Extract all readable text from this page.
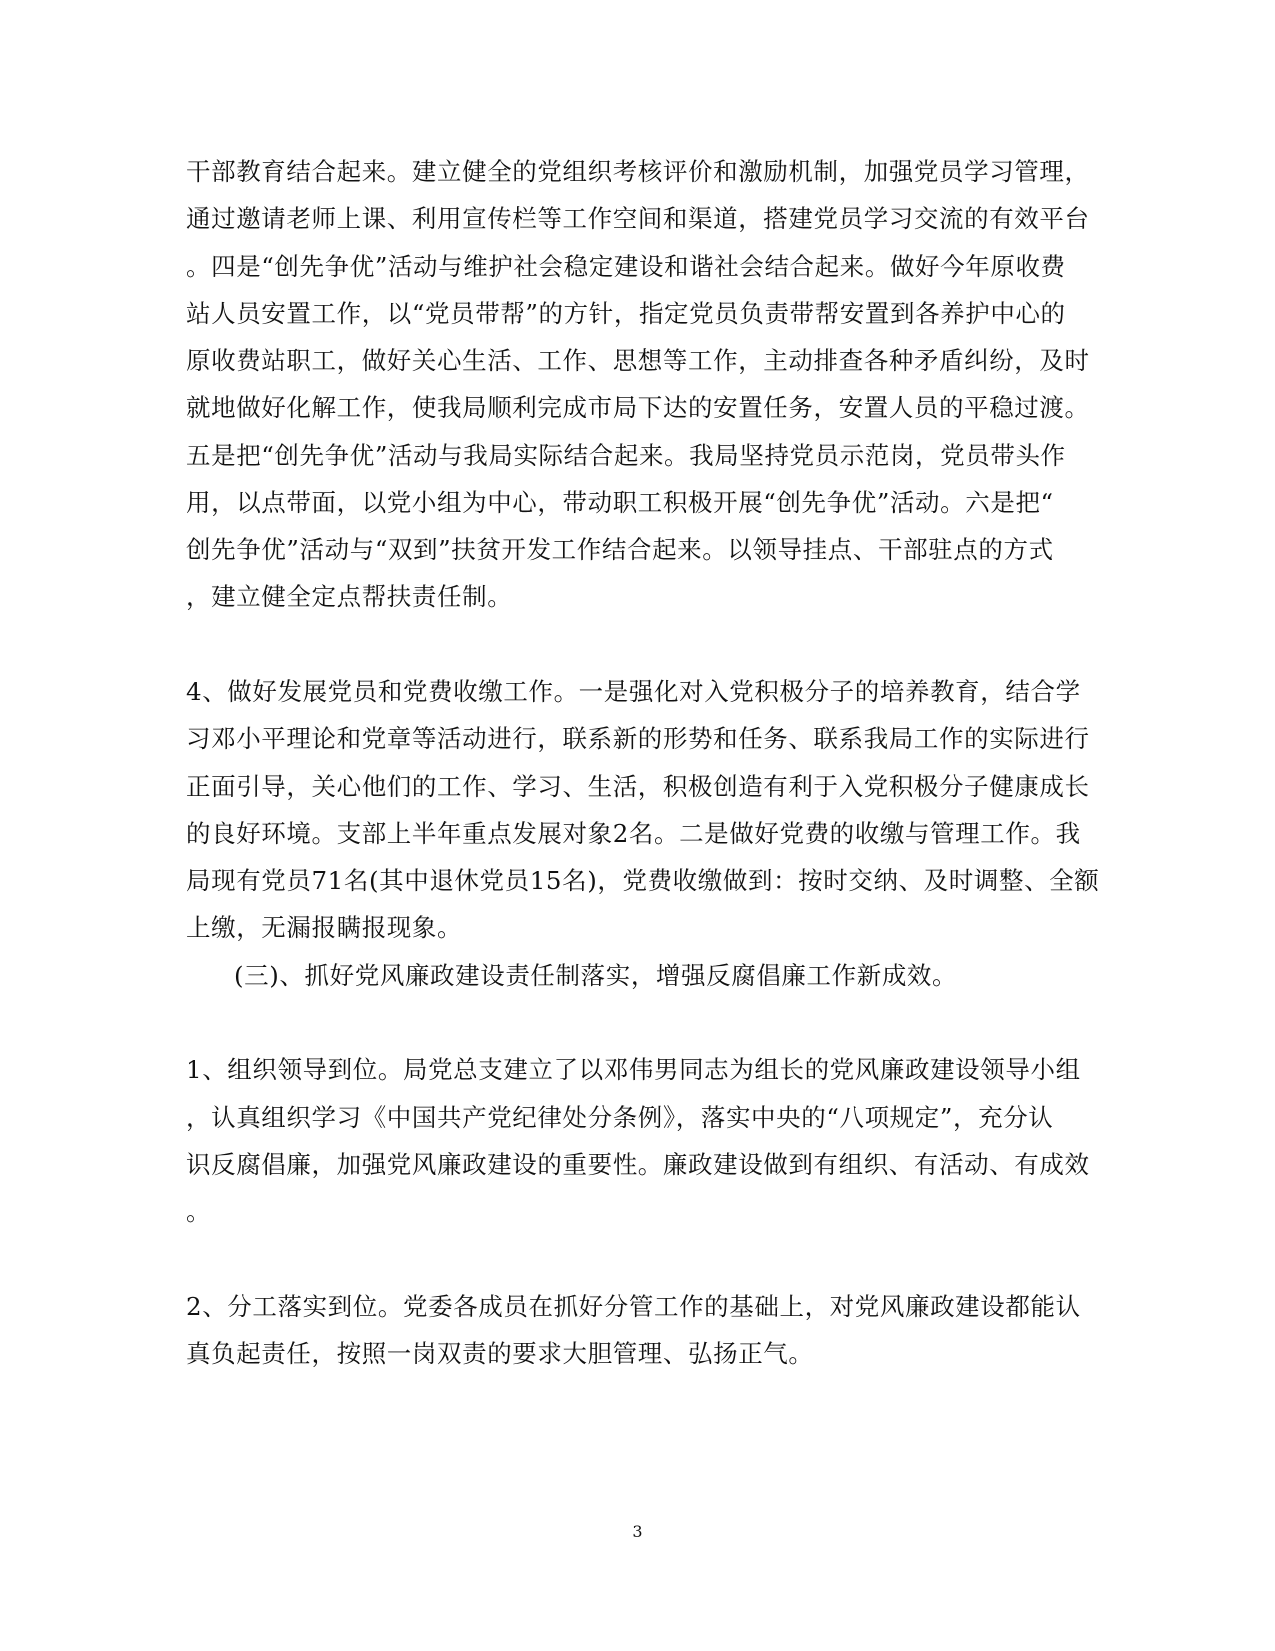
干部教育结合起来。建立健全的党组织考核评价和激励机制，加强党员学习管理，
通过邀请老师上课、利用宣传栏等工作空间和渠道，搭建党员学习交流的有效平台
。四是“创先争优”活动与维护社会稳定建设和谐社会结合起来。做好今年原收费
站人员安置工作，以“党员带帮”的方针，指定党员负责带帮安置到各养护中心的
原收费站职工，做好关心生活、工作、思想等工作，主动排查各种矛盾纠纷，及时
就地做好化解工作，使我局顺利完成市局下达的安置任务，安置人员的平稳过渡。
五是把“创先争优”活动与我局实际结合起来。我局坚持党员示范岗，党员带头作
用，以点带面，以党小组为中心，带动职工积极开展“创先争优”活动。六是把“
创先争优”活动与“双到”扶贫开发工作结合起来。以领导挂点、干部驻点的方式
，建立健全定点帮扶责任制。
4、做好发展党员和党费收缴工作。一是强化对入党积极分子的培养教育，结合学
习邓小平理论和党章等活动进行，联系新的形势和任务、联系我局工作的实际进行
正面引导，关心他们的工作、学习、生活，积极创造有利于入党积极分子健康成长
的良好环境。支部上半年重点发展对象2名。二是做好党费的收缴与管理工作。我
局现有党员71名(其中退休党员15名)，党费收缴做到：按时交纳、及时调整、全额
上缴，无漏报瞒报现象。
(三)、抓好党风廉政建设责任制落实，增强反腐倡廉工作新成效。
1、组织领导到位。局党总支建立了以邓伟男同志为组长的党风廉政建设领导小组
，认真组织学习《中国共产党纪律处分条例》，落实中央的“八项规定”，充分认
识反腐倡廉，加强党风廉政建设的重要性。廉政建设做到有组织、有活动、有成效
。
2、分工落实到位。党委各成员在抓好分管工作的基础上，对党风廉政建设都能认
真负起责任，按照一岗双责的要求大胆管理、弘扬正气。
3
